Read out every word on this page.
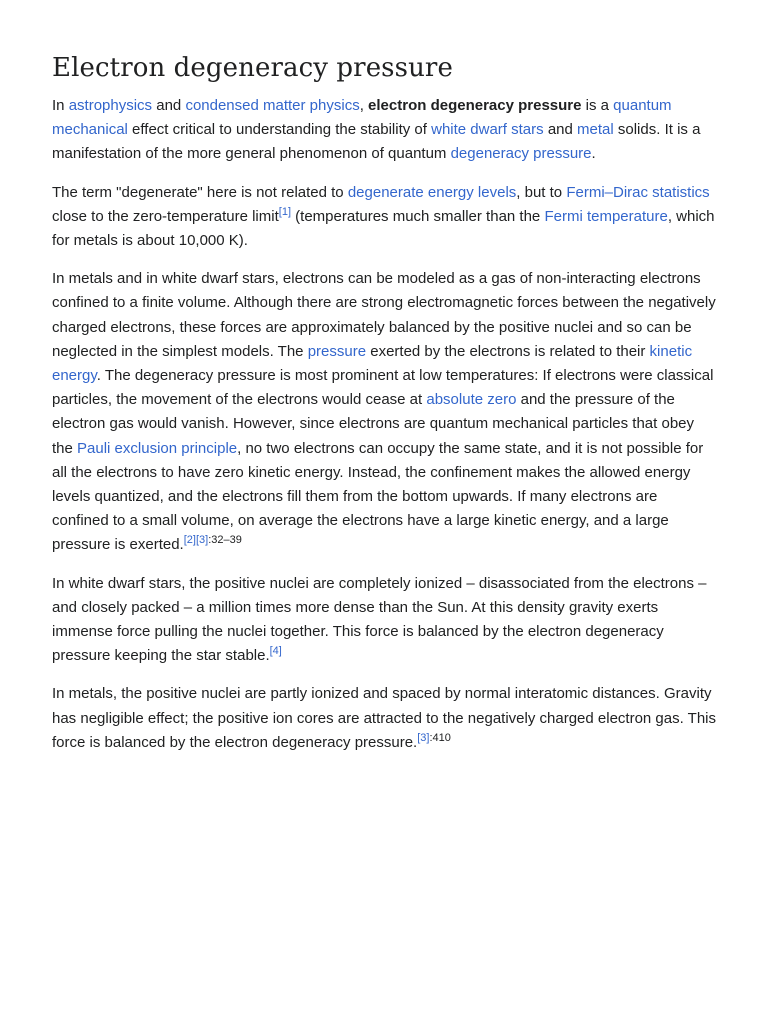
Electron degeneracy pressure

In astrophysics and condensed matter physics, electron degeneracy pressure is a quantum mechanical effect critical to understanding the stability of white dwarf stars and metal solids. It is a manifestation of the more general phenomenon of quantum degeneracy pressure.

The term "degenerate" here is not related to degenerate energy levels, but to Fermi–Dirac statistics close to the zero-temperature limit[1] (temperatures much smaller than the Fermi temperature, which for metals is about 10,000 K).

In metals and in white dwarf stars, electrons can be modeled as a gas of non-interacting electrons confined to a finite volume. Although there are strong electromagnetic forces between the negatively charged electrons, these forces are approximately balanced by the positive nuclei and so can be neglected in the simplest models. The pressure exerted by the electrons is related to their kinetic energy. The degeneracy pressure is most prominent at low temperatures: If electrons were classical particles, the movement of the electrons would cease at absolute zero and the pressure of the electron gas would vanish. However, since electrons are quantum mechanical particles that obey the Pauli exclusion principle, no two electrons can occupy the same state, and it is not possible for all the electrons to have zero kinetic energy. Instead, the confinement makes the allowed energy levels quantized, and the electrons fill them from the bottom upwards. If many electrons are confined to a small volume, on average the electrons have a large kinetic energy, and a large pressure is exerted.$^{[2][3]:32-39}$

In white dwarf stars, the positive nuclei are completely ionized – disassociated from the electrons – and closely packed – a million times more dense than the Sun. At this density gravity exerts immense force pulling the nuclei together. This force is balanced by the electron degeneracy pressure keeping the star stable.[4]

In metals, the positive nuclei are partly ionized and spaced by normal interatomic distances. Gravity has negligible effect; the positive ion cores are attracted to the negatively charged electron gas. This force is balanced by the electron degeneracy pressure.$^{[3]:410}$
